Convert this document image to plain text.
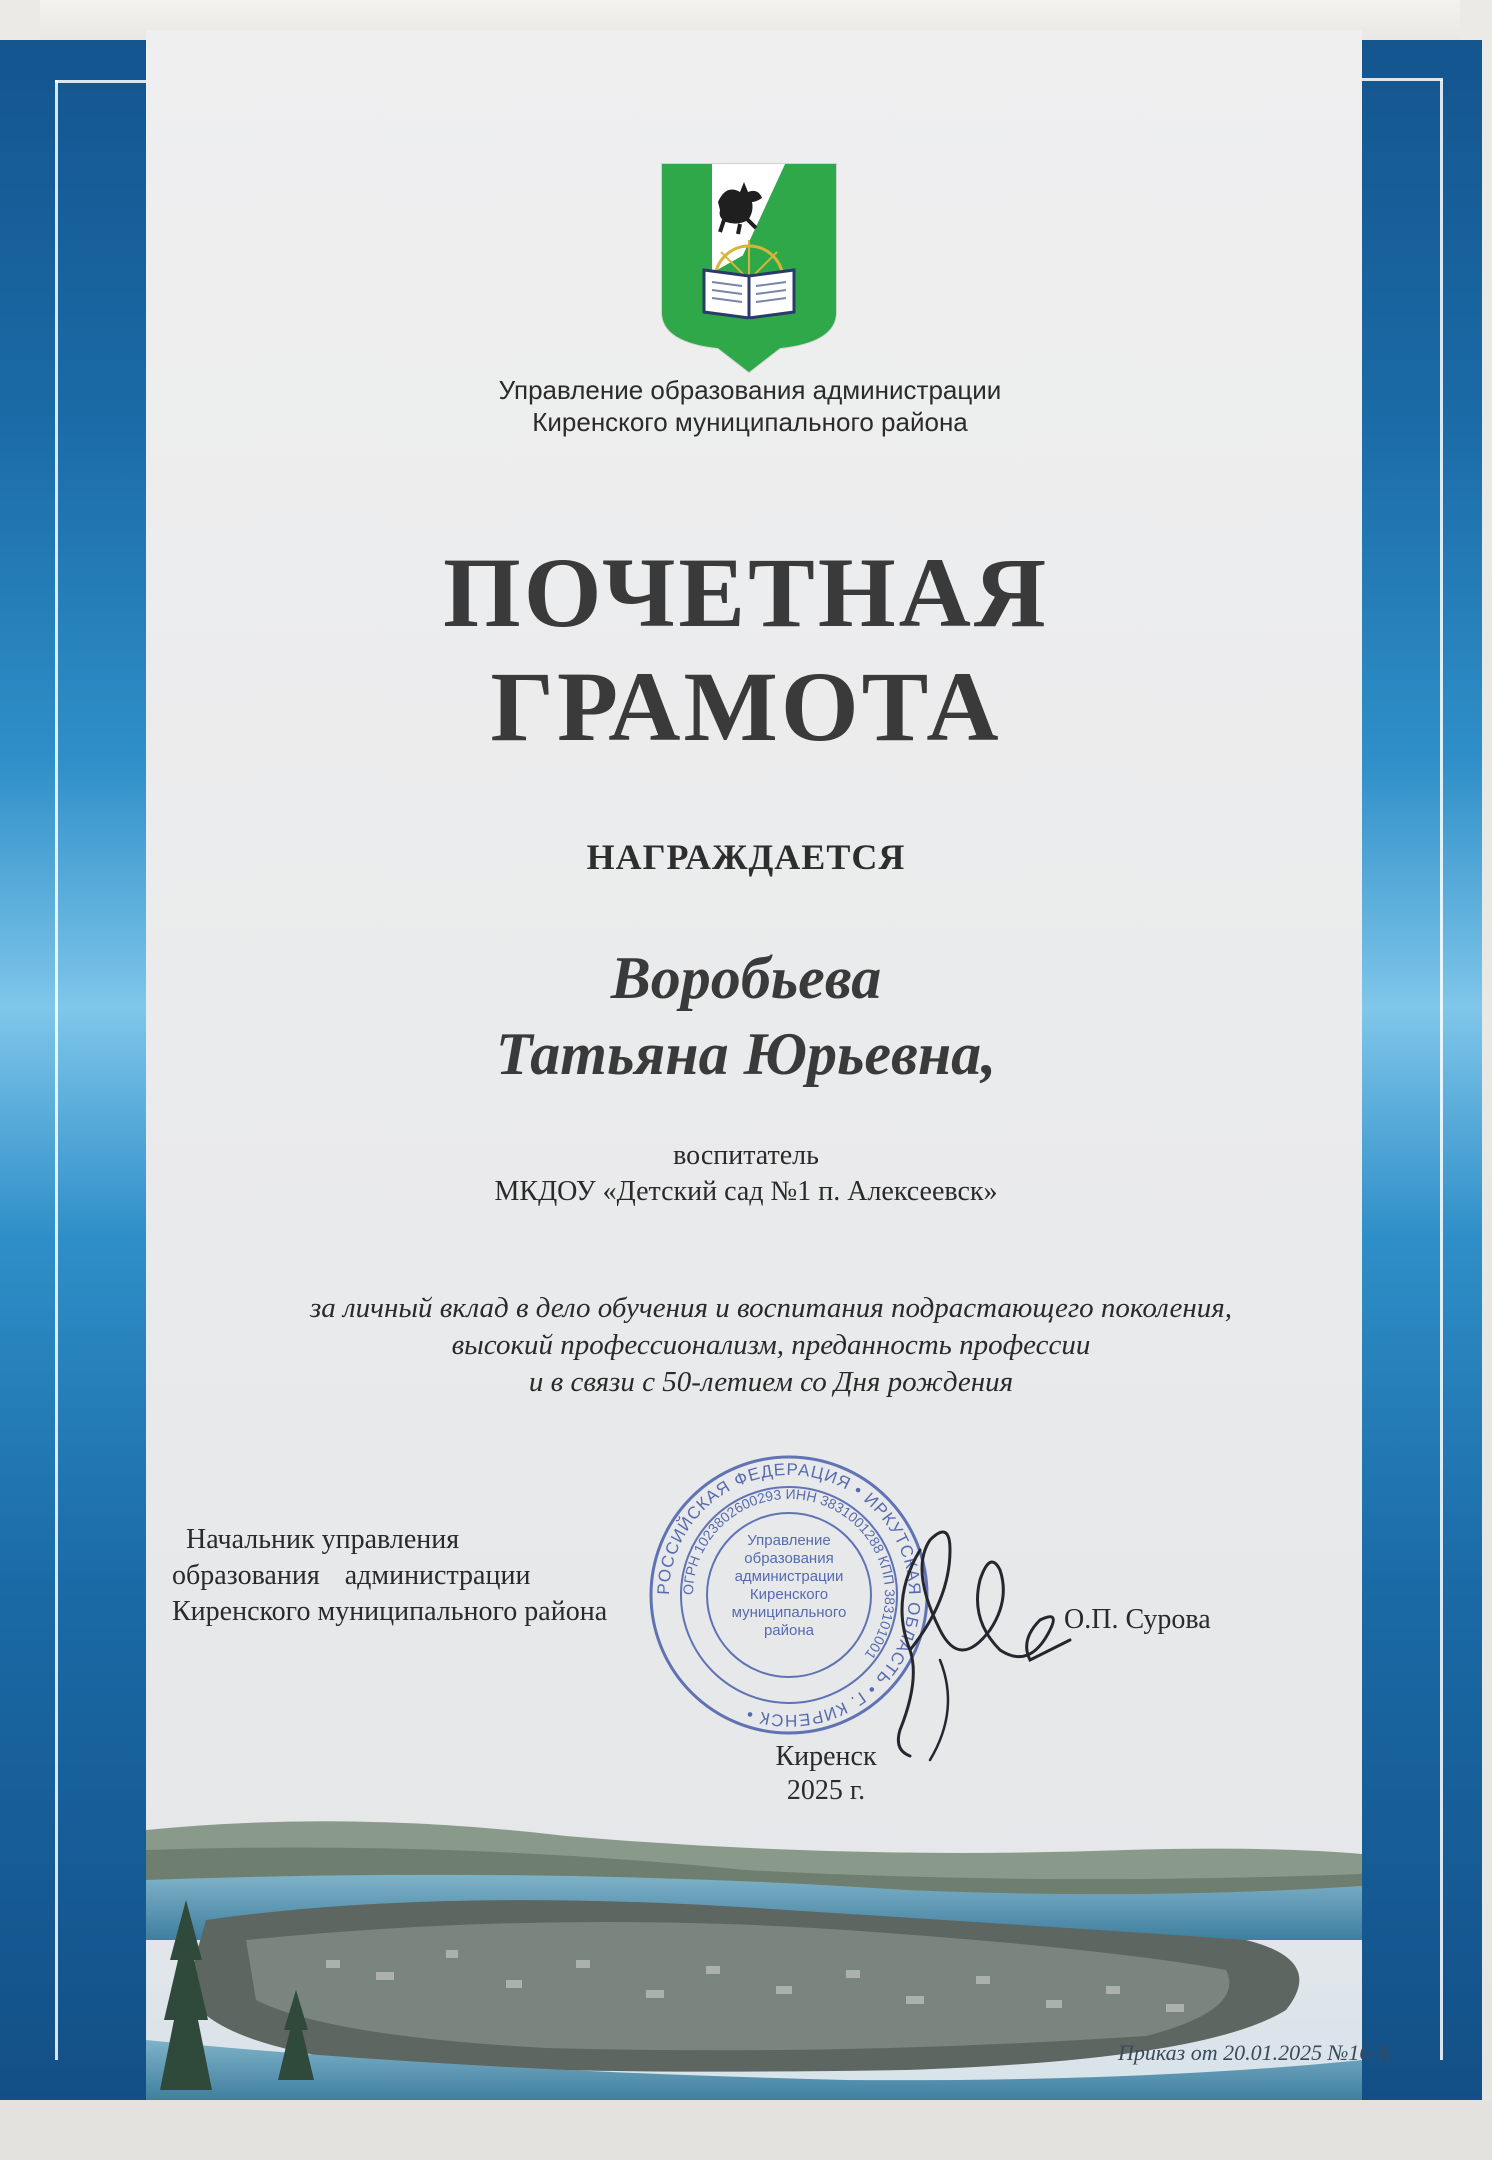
Управление образования администрации
Киренского муниципального района
ПОЧЕТНАЯ
ГРАМОТА
НАГРАЖДАЕТСЯ
Воробьева
Татьяна Юрьевна,
воспитатель
МКДОУ «Детский сад №1 п. Алексеевск»
за личный вклад в дело обучения и воспитания подрастающего поколения,
высокий профессионализм, преданность профессии
и в связи с 50-летием со Дня рождения
Начальник управления
образования администрации
Киренского муниципального района
РОССИЙСКАЯ ФЕДЕРАЦИЯ • ИРКУТСКАЯ ОБЛАСТЬ • Г. КИРЕНСК •
ОГРН 1023802600293 ИНН 3831001288 КПП 383101001
Управление образования администрации Киренского муниципального района	О.П. Сурова
Киренск
Приказ от 20.01.2025 №16-К
